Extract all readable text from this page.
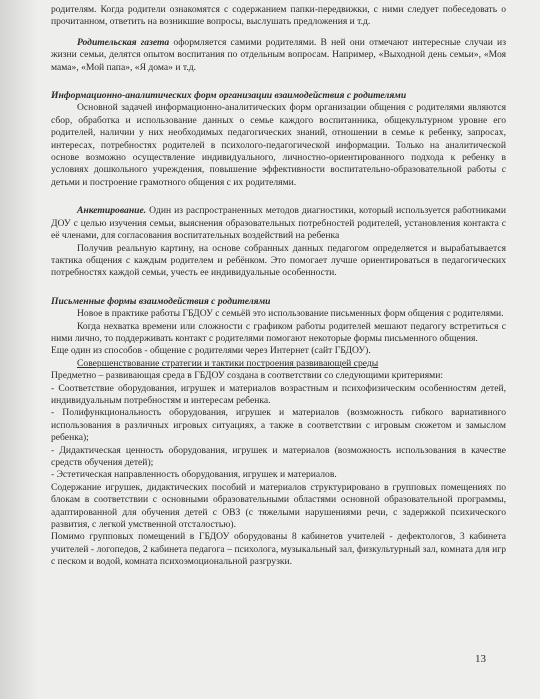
родителям. Когда родители ознакомятся с содержанием папки-передвижки, с ними следует побеседовать о прочитанном, ответить на возникшие вопросы, выслушать предложения и т.д.

Родительская газета оформляется самими родителями. В ней они отмечают интересные случаи из жизни семьи, делятся опытом воспитания по отдельным вопросам. Например, «Выходной день семьи», «Моя мама», «Мой папа», «Я дома» и т.д.

Информационно-аналитических форм организации взаимодействия с родителями

Основной задачей информационно-аналитических форм организации общения с родителями являются сбор, обработка и использование данных о семье каждого воспитанника, общекультурном уровне его родителей, наличии у них необходимых педагогических знаний, отношении в семье к ребенку, запросах, интересах, потребностях родителей в психолого-педагогической информации. Только на аналитической основе возможно осуществление индивидуального, личностно-ориентированного подхода к ребенку в условиях дошкольного учреждения, повышение эффективности воспитательно-образовательной работы с детьми и построение грамотного общения с их родителями.

Анкетирование. Один из распространенных методов диагностики, который используется работниками ДОУ с целью изучения семьи, выяснения образовательных потребностей родителей, установления контакта с её членами, для согласования воспитательных воздействий на ребенка

Получив реальную картину, на основе собранных данных педагогом определяется и вырабатывается тактика общения с каждым родителем и ребёнком. Это помогает лучше ориентироваться в педагогических потребностях каждой семьи, учесть ее индивидуальные особенности.

Письменные формы взаимодействия с родителями

Новое в практике работы ГБДОУ с семьёй это использование письменных форм общения с родителями.

Когда нехватка времени или сложности с графиком работы родителей мешают педагогу встретиться с ними лично, то поддерживать контакт с родителями помогают некоторые формы письменного общения.

Еще один из способов - общение с родителями через Интернет (сайт ГБДОУ).

Совершенствование стратегии и тактики построения развивающей среды

Предметно – развивающая среда в ГБДОУ создана в соответствии со следующими критериями:

- Соответствие оборудования, игрушек и материалов возрастным и психофизическим особенностям детей, индивидуальным потребностям и интересам ребенка.

- Полифункциональность оборудования, игрушек и материалов (возможность гибкого вариативного использования в различных игровых ситуациях, а также в соответствии с игровым сюжетом и замыслом ребенка);

- Дидактическая ценность оборудования, игрушек и материалов (возможность использования в качестве средств обучения детей);

- Эстетическая направленность оборудования, игрушек и материалов.

Содержание игрушек, дидактических пособий и материалов структурировано в групповых помещениях по блокам в соответствии с основными образовательными областями основной образовательной программы, адаптированной для обучения детей с ОВЗ (с тяжелыми нарушениями речи, с задержкой психического развития, с легкой умственной отсталостью).

Помимо групповых помещений в ГБДОУ оборудованы 8 кабинетов учителей - дефектологов, 3 кабинета учителей - логопедов, 2 кабинета педагога – психолога, музыкальный зал, физкультурный зал, комната для игр с песком и водой, комната психоэмоциональной разгрузки.

13
